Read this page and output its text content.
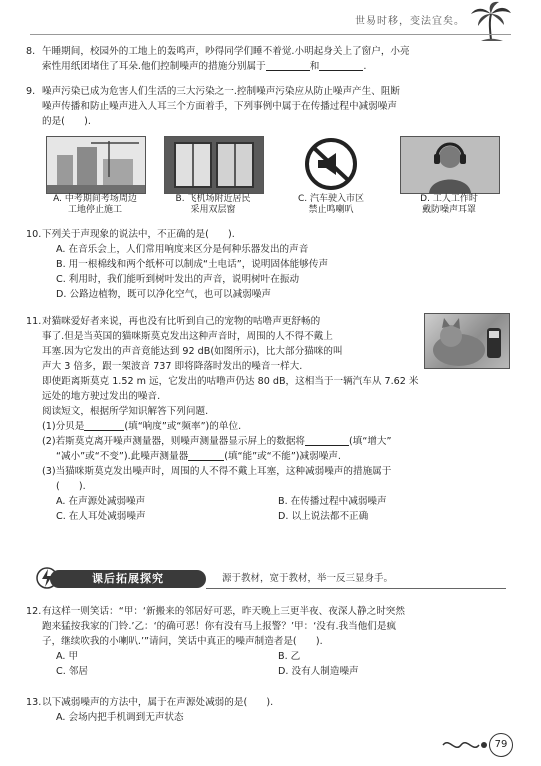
世易时移，变法宜矣。
8. 午睡期间，校园外的工地上的轰鸣声，吵得同学们睡不着觉.小明起身关上了窗户，小亮
索性用纸团堵住了耳朵.他们控制噪声的措施分别属于	和	.
9. 噪声污染已成为危害人们生活的三大污染之一.控制噪声污染应从防止噪声产生、阻断
噪声传播和防止噪声进入人耳三个方面着手，下列事例中属于在传播过程中减弱噪声
的是(　　).
A. 中考期间考场周边
工地停止施工
B. 飞机场附近居民
采用双层窗
C. 汽车驶入市区
禁止鸣喇叭
D. 工人工作时
戴防噪声耳罩
10. 下列关于声现象的说法中，不正确的是(　　).
A. 在音乐会上，人们常用响度来区分是何种乐器发出的声音
B. 用一根棉线和两个纸杯可以制成“土电话”，说明固体能够传声
C. 利用时，我们能听到树叶发出的声音，说明树叶在振动
D. 公路边植物，既可以净化空气，也可以减弱噪声
11. 对猫咪爱好者来说，再也没有比听到自己的宠物的咕噜声更舒畅的
事了.但是当英国的猫咪斯莫克发出这种声音时，周围的人不得不戴上
耳塞.因为它发出的声音竟能达到 92 dB(如图所示)，比大部分猫咪的叫
声大 3 倍多，跟一架波音 737 即将降落时发出的噪音一样大.
即使距离斯莫克 1.52 m 远，它发出的咕噜声仍达 80 dB，这相当于一辆汽车从 7.62 米
远处的地方驶过发出的噪音.
阅读短文，根据所学知识解答下列问题.
(1)分贝是	(填“响度”或“频率”)的单位.
(2)若斯莫克离开噪声测量器，则噪声测量器显示屏上的数据将	(填“增大”
“减小”或“不变”).此噪声测量器	(填“能”或“不能”)减弱噪声.
(3)当猫咪斯莫克发出噪声时，周围的人不得不戴上耳塞，这种减弱噪声的措施属于
(　　).
A. 在声源处减弱噪声	B. 在传播过程中减弱噪声
C. 在人耳处减弱噪声	D. 以上说法都不正确
课后拓展探究	源于教材，宽于教材，举一反三显身手。
12. 有这样一则笑话：“甲：‘新搬来的邻居好可恶，昨天晚上三更半夜、夜深人静之时突然
跑来猛按我家的门铃.’乙：‘的确可恶！你有没有马上报警？’甲：‘没有.我当他们是疯
子，继续吹我的小喇叭.’”请问，笑话中真正的噪声制造者是(　　).
A. 甲	B. 乙
C. 邻居	D. 没有人制造噪声
13. 以下减弱噪声的方法中，属于在声源处减弱的是(　　).
A. 会场内把手机调到无声状态
79
